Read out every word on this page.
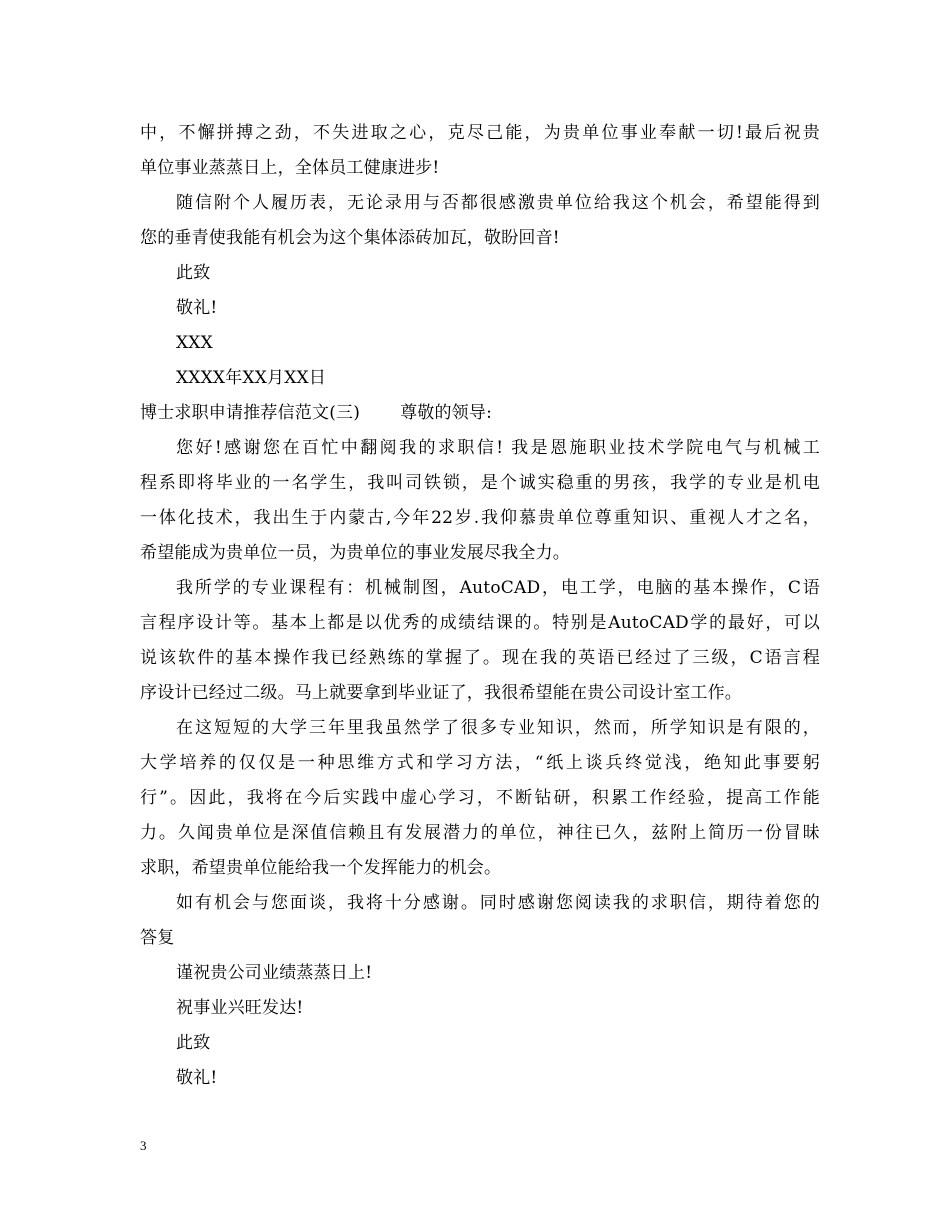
中，不懈拼搏之劲，不失进取之心，克尽己能，为贵单位事业奉献一切!最后祝贵
单位事业蒸蒸日上，全体员工健康进步!
随信附个人履历表，无论录用与否都很感激贵单位给我这个机会，希望能得到
您的垂青使我能有机会为这个集体添砖加瓦，敬盼回音!
此致
敬礼!
XXX
XXXX年XX月XX日
博士求职申请推荐信范文(三) 尊敬的领导:
您好!感谢您在百忙中翻阅我的求职信! 我是恩施职业技术学院电气与机械工
程系即将毕业的一名学生，我叫司铁锁，是个诚实稳重的男孩，我学的专业是机电
一体化技术，我出生于内蒙古,今年22岁.我仰慕贵单位尊重知识、重视人才之名，
希望能成为贵单位一员，为贵单位的事业发展尽我全力。
我所学的专业课程有：机械制图，AutoCAD，电工学，电脑的基本操作，C语
言程序设计等。基本上都是以优秀的成绩结课的。特别是AutoCAD学的最好，可以
说该软件的基本操作我已经熟练的掌握了。现在我的英语已经过了三级，C语言程
序设计已经过二级。马上就要拿到毕业证了，我很希望能在贵公司设计室工作。
在这短短的大学三年里我虽然学了很多专业知识，然而，所学知识是有限的，
大学培养的仅仅是一种思维方式和学习方法，“纸上谈兵终觉浅，绝知此事要躬
行”。因此，我将在今后实践中虚心学习，不断钻研，积累工作经验，提高工作能
力。久闻贵单位是深值信赖且有发展潜力的单位，神往已久，兹附上简历一份冒昧
求职，希望贵单位能给我一个发挥能力的机会。
如有机会与您面谈，我将十分感谢。同时感谢您阅读我的求职信，期待着您的
答复
谨祝贵公司业绩蒸蒸日上!
祝事业兴旺发达!
此致
敬礼!
3
